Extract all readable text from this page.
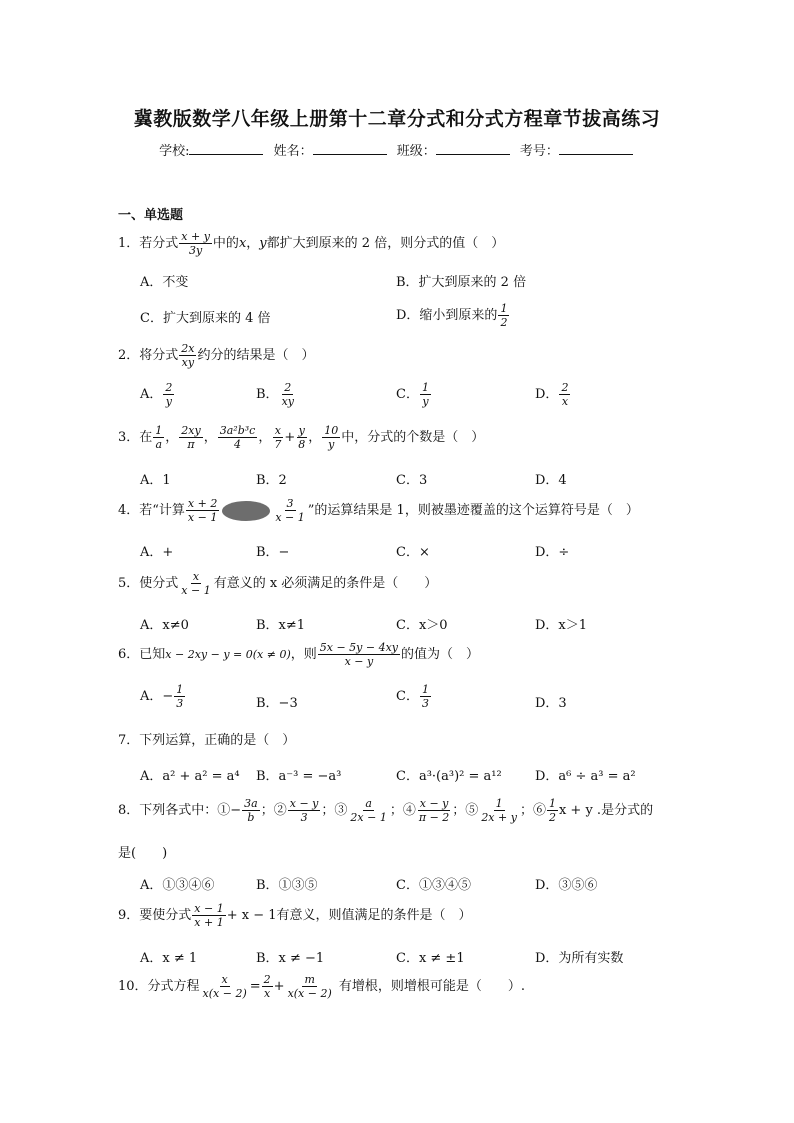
冀教版数学八年级上册第十二章分式和分式方程章节拔高练习
学校:	姓名：	班级：	考号：
一、单选题
1．若分式 $\frac{x + y}{3y}$ 中的x，y都扩大到原来的 2 倍，则分式的值（　）
A．不变	B．扩大到原来的 2 倍
C．扩大到原来的 4 倍	D．缩小到原来的 $\frac{1}{2}$
2．将分式 $\frac{2x}{xy}$ 约分的结果是（　）
A． $\frac{2}{y}$	B． $\frac{2}{xy}$	C． $\frac{1}{y}$	D． $\frac{2}{x}$
3．在 $\frac{1}{a}$ ， $\frac{2xy}{\pi}$ ， $\frac{\text{3a²b³c}}{4}$ ， $\frac{x}{7} + \frac{y}{8}$ ， $\frac{10}{y}$ 中，分式的个数是（　）
A．1	B．2	C．3	D．4
4．若“计算 $\frac{x + 2}{x - 1}$	$\frac{3}{x - 1}$ ”的运算结果是 1，则被墨迹覆盖的这个运算符号是（　）
A．+	B．−	C．×	D．÷
5．使分式 $\frac{x}{x - 1}$ 有意义的 x 必须满足的条件是（　　）
A．x≠0	B．x≠1	C．x＞0	D．x＞1
6．已知x − 2xy − y = 0(x ≠ 0)，则 $\frac{5x - 5y - 4xy}{x - y}$ 的值为（　）
A．− $\frac{1}{3}$	B．−3	C． $\frac{1}{3}$	D．3
7．下列运算，正确的是（　）
A．a² + a² = a⁴ B．a⁻³ = −a³	C．a³·(a³)² = a¹²	D．a⁶ ÷ a³ = a²
8．下列各式中：①− $\frac{3a}{b}$ ；② $\frac{x - y}{3}$ ；③ $\frac{a}{2x - 1}$ ；④ $\frac{x - y}{\pi - 2}$ ；⑤ $\frac{1}{2x + y}$ ；⑥ $\frac{1}{2}$ x + y .是分式的
是(　　)
A．①③④⑥	B．①③⑤	C．①③④⑤	D．③⑤⑥
9．要使分式 $\frac{x - 1}{x + 1} + x - 1$有意义，则值满足的条件是（　）
A．x ≠ 1	B．x ≠ −1	C．x ≠ ±1	D．为所有实数
10．分式方程 $\frac{x}{x(x - 2)} = \frac{2}{x} + \frac{m}{x(x - 2)}$ 有增根，则增根可能是（　　）.
